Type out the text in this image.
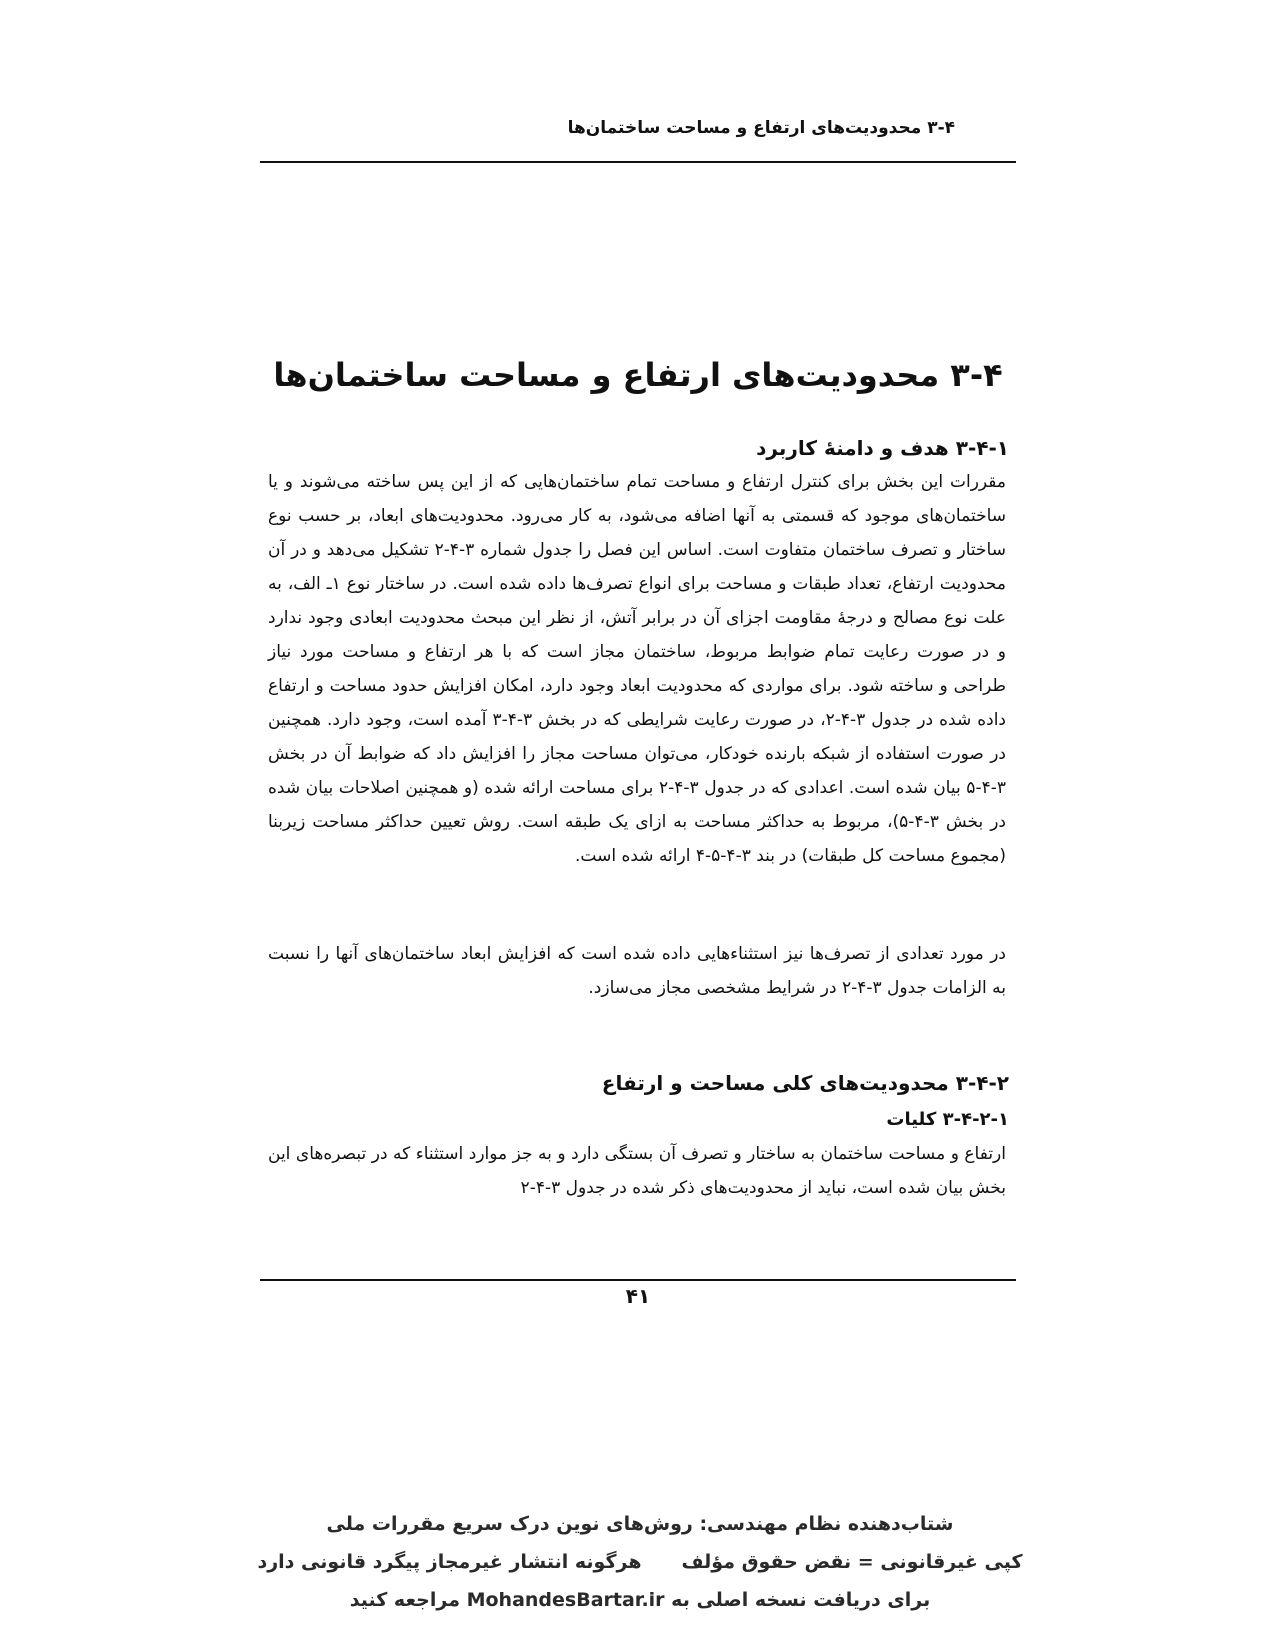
۳-۴ محدودیت‌های ارتفاع و مساحت ساختمان‌ها
۳-۴ محدودیت‌های ارتفاع و مساحت ساختمان‌ها
۳-۴-۱ هدف و دامنهٔ کاربرد

مقررات این بخش برای کنترل ارتفاع و مساحت تمام ساختمان‌هایی که از این پس ساخته می‌شوند و یا ساختمان‌های موجود که قسمتی به آنها اضافه می‌شود، به کار می‌رود. محدودیت‌های ابعاد، بر حسب نوع ساختار و تصرف ساختمان متفاوت است. اساس این فصل را جدول شماره ۳-۴-۲ تشکیل می‌دهد و در آن محدودیت ارتفاع، تعداد طبقات و مساحت برای انواع تصرف‌ها داده شده است. در ساختار نوع ۱ـ الف، به علت نوع مصالح و درجهٔ مقاومت اجزای آن در برابر آتش، از نظر این مبحث محدودیت ابعادی وجود ندارد و در صورت رعایت تمام ضوابط مربوط، ساختمان مجاز است که با هر ارتفاع و مساحت مورد نیاز طراحی و ساخته شود. برای مواردی که محدودیت ابعاد وجود دارد، امکان افزایش حدود مساحت و ارتفاع داده شده در جدول ۳-۴-۲، در صورت رعایت شرایطی که در بخش ۳-۴-۳ آمده است، وجود دارد. همچنین در صورت استفاده از شبکه بارنده خودکار، می‌توان مساحت مجاز را افزایش داد که ضوابط آن در بخش ۳-۴-۵ بیان شده است. اعدادی که در جدول ۳-۴-۲ برای مساحت ارائه شده (و همچنین اصلاحات بیان شده در بخش ۳-۴-۵)، مربوط به حداکثر مساحت به ازای یک طبقه است. روش تعیین حداکثر مساحت زیربنا (مجموع مساحت کل طبقات) در بند ۳-۴-۵-۴ ارائه شده است.

در مورد تعدادی از تصرف‌ها نیز استثناءهایی داده شده است که افزایش ابعاد ساختمان‌های آنها را نسبت به الزامات جدول ۳-۴-۲ در شرایط مشخصی مجاز می‌سازد.

۳-۴-۲ محدودیت‌های کلی مساحت و ارتفاع
۳-۴-۲-۱ کلیات

ارتفاع و مساحت ساختمان به ساختار و تصرف آن بستگی دارد و به جز موارد استثناء که در تبصره‌های این بخش بیان شده است، نباید از محدودیت‌های ذکر شده در جدول ۳-۴-۲

۴۱
شتاب‌دهنده نظام مهندسی: روش‌های نوین درک سریع مقررات ملی
کپی غیرقانونی = نقض حقوق مؤلفهرگونه انتشار غیرمجاز پیگرد قانونی دارد
برای دریافت نسخه اصلی به MohandesBartar.ir مراجعه کنید
